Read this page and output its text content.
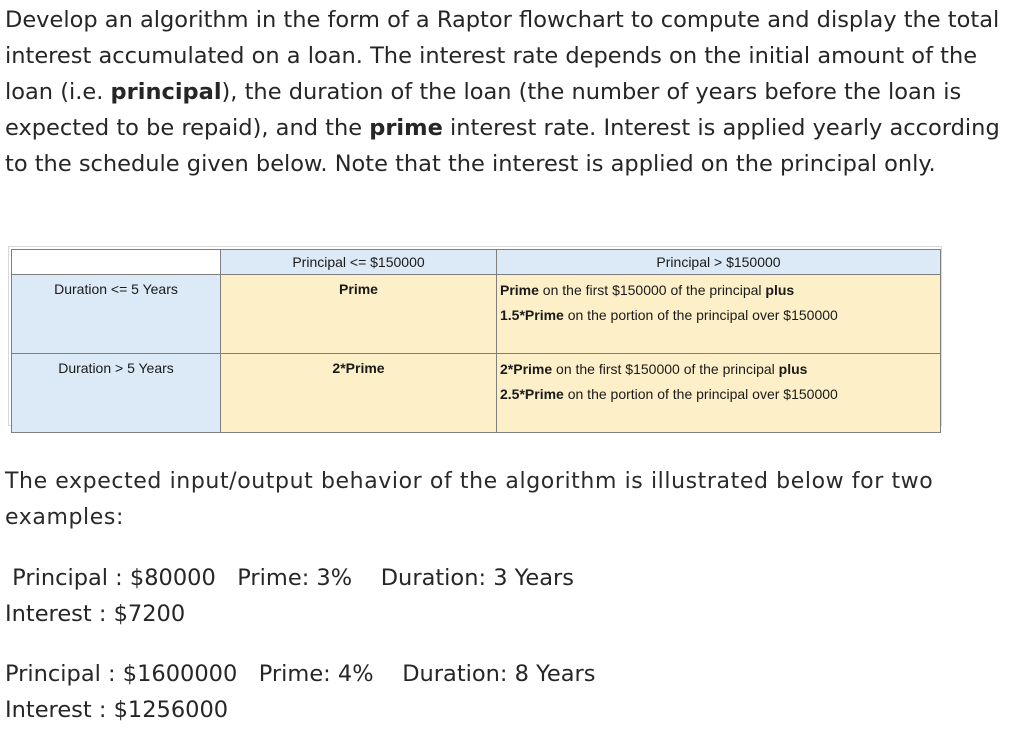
Develop an algorithm in the form of a Raptor flowchart to compute and display the total interest accumulated on a loan. The interest rate depends on the initial amount of the loan (i.e. principal), the duration of the loan (the number of years before the loan is expected to be repaid), and the prime interest rate. Interest is applied yearly according to the schedule given below. Note that the interest is applied on the principal only.

	Principal <= $150000	Principal > $150000
Duration <= 5 Years	Prime	Prime on the first $150000 of the principal plus
1.5*Prime on the portion of the principal over $150000

Duration > 5 Years	2*Prime	2*Prime on the first $150000 of the principal plus
2.5*Prime on the portion of the principal over $150000
The expected input/output behavior of the algorithm is illustrated below for two examples:
Principal : $80000   Prime: 3%    Duration: 3 Years
Interest : $7200
Principal : $1600000   Prime: 4%    Duration: 8 Years
Interest : $1256000
